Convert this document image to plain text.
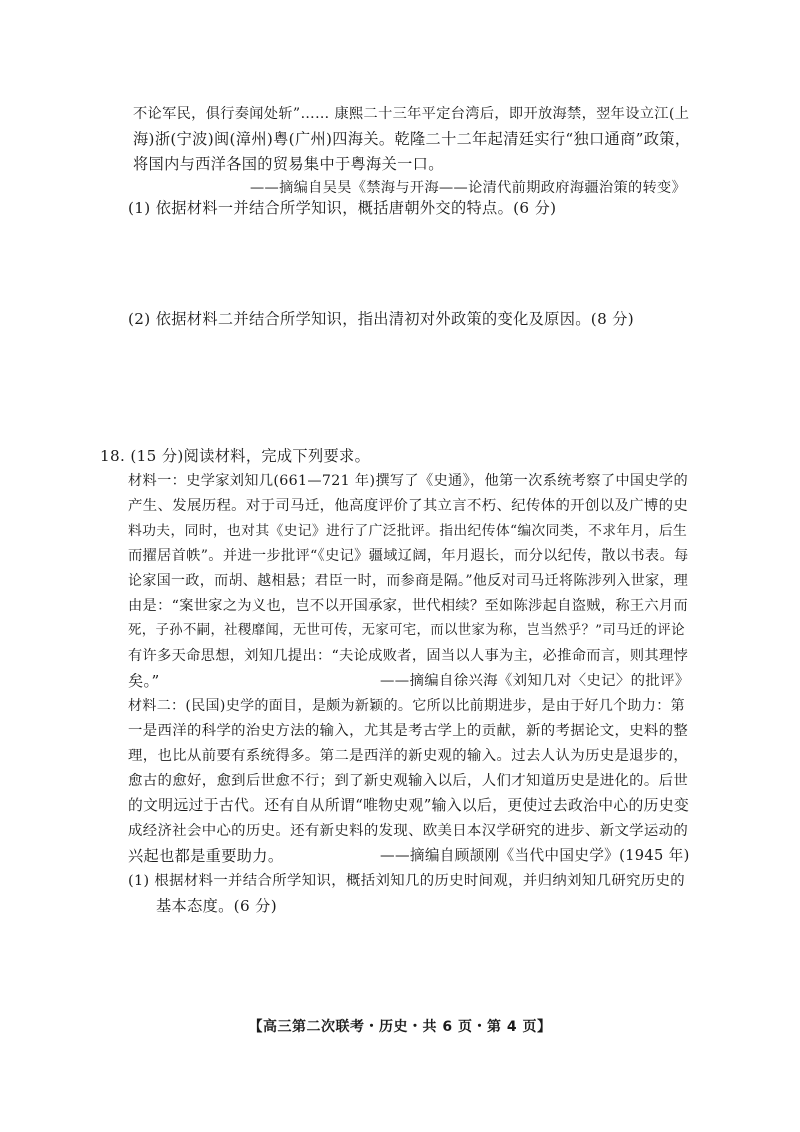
不论军民，俱行奏闻处斩”…… 康熙二十三年平定台湾后，即开放海禁，翌年设立江(上
海)浙(宁波)闽(漳州)粤(广州)四海关。乾隆二十二年起清廷实行“独口通商”政策，
将国内与西洋各国的贸易集中于粤海关一口。
——摘编自吴昊《禁海与开海——论清代前期政府海疆治策的转变》
(1) 依据材料一并结合所学知识，概括唐朝外交的特点。(6 分)
(2) 依据材料二并结合所学知识，指出清初对外政策的变化及原因。(8 分)
18. (15 分)阅读材料，完成下列要求。
材料一：史学家刘知几(661—721 年)撰写了《史通》，他第一次系统考察了中国史学的
产生、发展历程。对于司马迁，他高度评价了其立言不朽、纪传体的开创以及广博的史
料功夫，同时，也对其《史记》进行了广泛批评。指出纪传体“编次同类，不求年月，后生
而擢居首帙”。并进一步批评“《史记》疆域辽阔，年月遐长，而分以纪传，散以书表。每
论家国一政，而胡、越相悬；君臣一时，而参商是隔。”他反对司马迁将陈涉列入世家，理
由是：“案世家之为义也，岂不以开国承家，世代相续？至如陈涉起自盗贼，称王六月而
死，子孙不嗣，社稷靡闻，无世可传，无家可宅，而以世家为称，岂当然乎？”司马迁的评论
有许多天命思想，刘知几提出：“夫论成败者，固当以人事为主，必推命而言，则其理悖
矣。”	——摘编自徐兴海《刘知几对〈史记〉的批评》
材料二：(民国)史学的面目，是颇为新颖的。它所以比前期进步，是由于好几个助力：第
一是西洋的科学的治史方法的输入，尤其是考古学上的贡献，新的考据论文，史料的整
理，也比从前要有系统得多。第二是西洋的新史观的输入。过去人认为历史是退步的，
愈古的愈好，愈到后世愈不行；到了新史观输入以后，人们才知道历史是进化的。后世
的文明远过于古代。还有自从所谓“唯物史观”输入以后，更使过去政治中心的历史变
成经济社会中心的历史。还有新史料的发现、欧美日本汉学研究的进步、新文学运动的
兴起也都是重要助力。	——摘编自顾颉刚《当代中国史学》(1945 年)
(1) 根据材料一并结合所学知识，概括刘知几的历史时间观，并归纳刘知几研究历史的
基本态度。(6 分)
【高三第二次联考・历史・共 6 页・第 4 页】
